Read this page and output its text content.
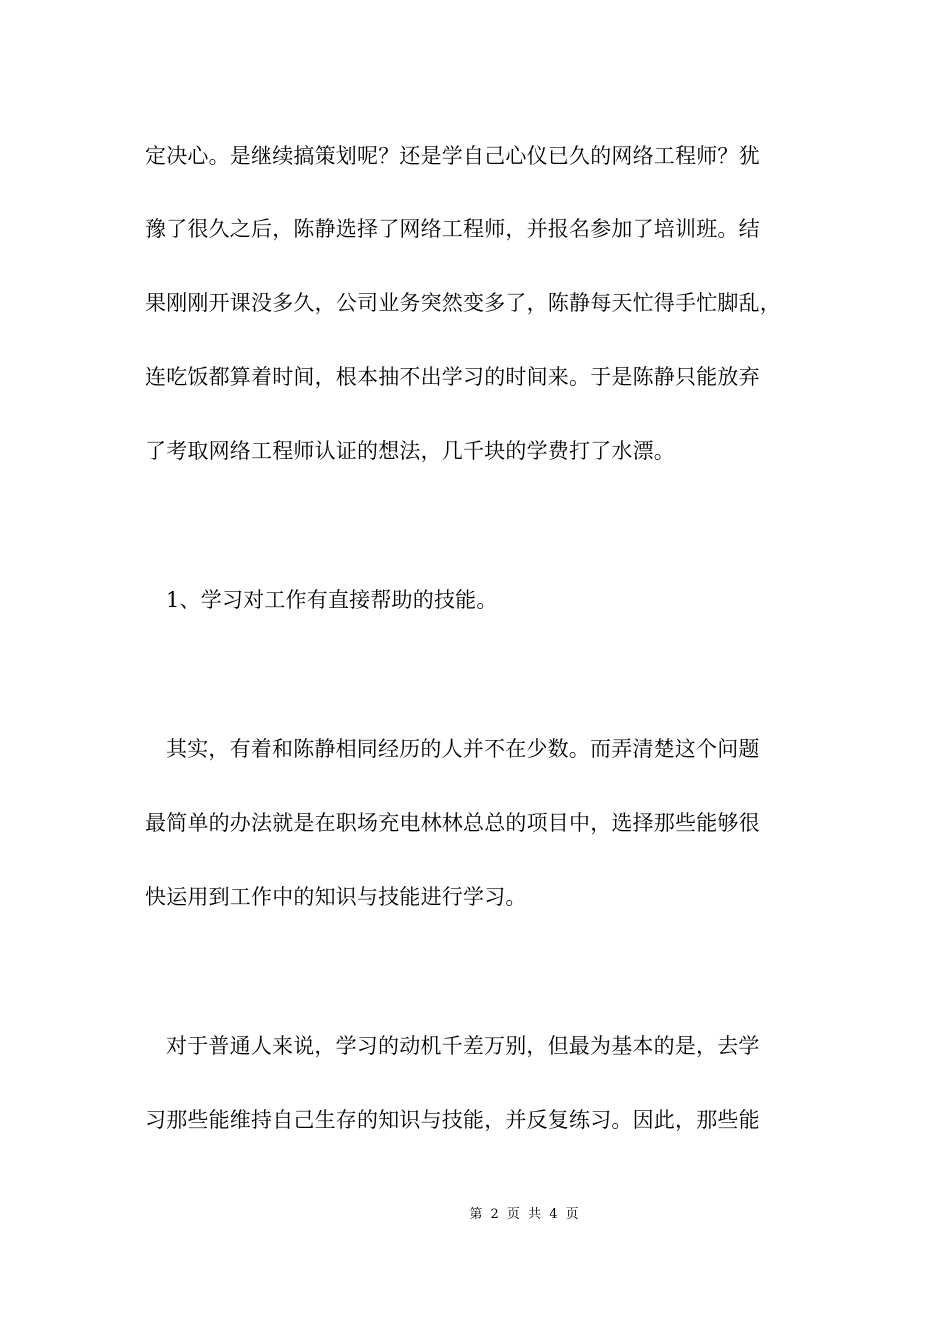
定决心。是继续搞策划呢？还是学自己心仪已久的网络工程师？犹
豫了很久之后，陈静选择了网络工程师，并报名参加了培训班。结
果刚刚开课没多久，公司业务突然变多了，陈静每天忙得手忙脚乱，
连吃饭都算着时间，根本抽不出学习的时间来。于是陈静只能放弃
了考取网络工程师认证的想法，几千块的学费打了水漂。
1、学习对工作有直接帮助的技能。
其实，有着和陈静相同经历的人并不在少数。而弄清楚这个问题
最简单的办法就是在职场充电林林总总的项目中，选择那些能够很
快运用到工作中的知识与技能进行学习。
对于普通人来说，学习的动机千差万别，但最为基本的是，去学
习那些能维持自己生存的知识与技能，并反复练习。因此，那些能
第 2 页 共 4 页
